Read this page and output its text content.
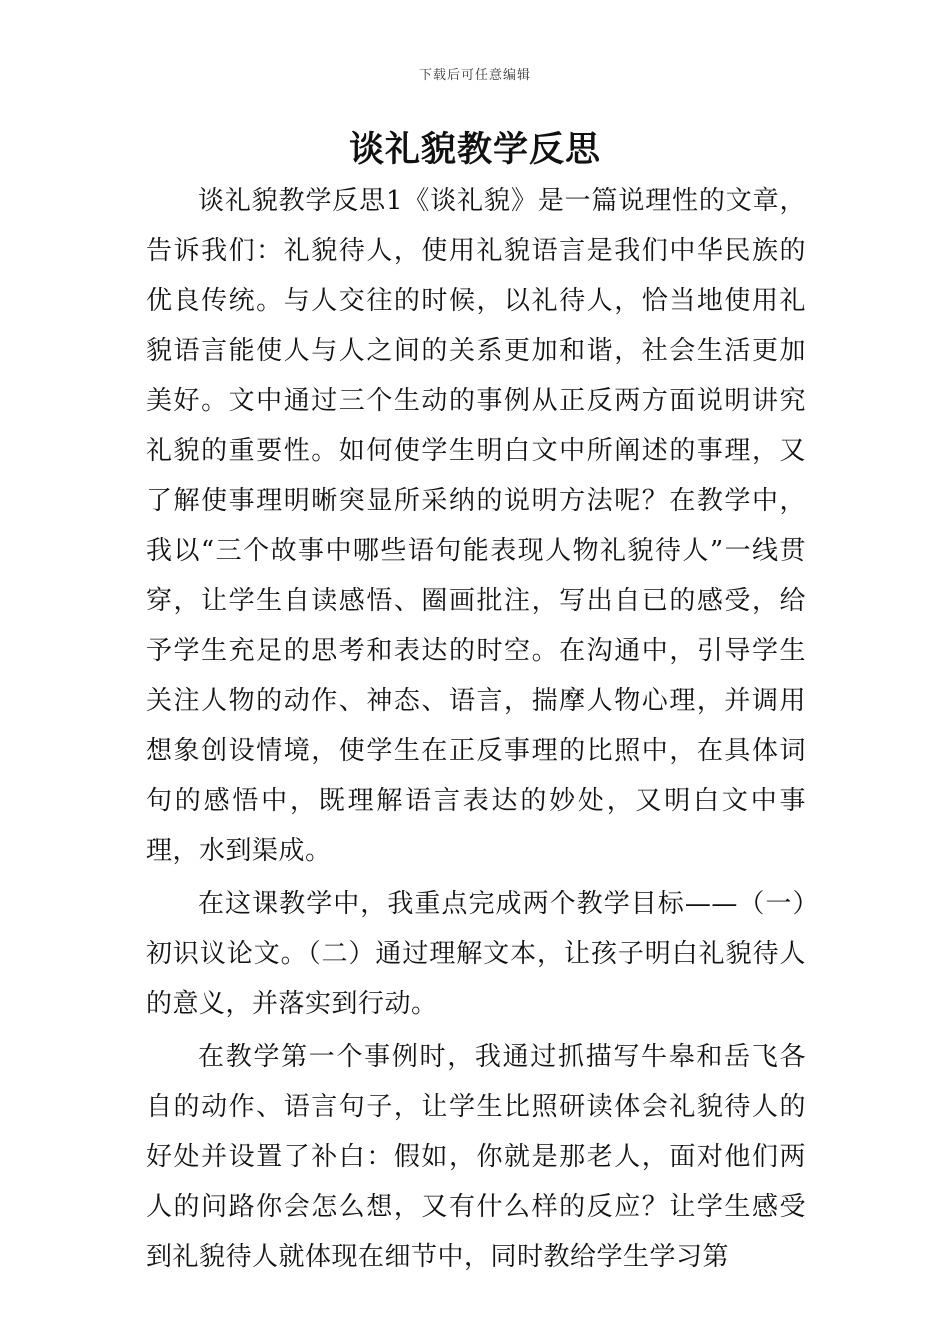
下载后可任意编辑
谈礼貌教学反思

谈礼貌教学反思1《谈礼貌》是一篇说理性的文章，告诉我们：礼貌待人，使用礼貌语言是我们中华民族的优良传统。与人交往的时候，以礼待人，恰当地使用礼貌语言能使人与人之间的关系更加和谐，社会生活更加美好。文中通过三个生动的事例从正反两方面说明讲究礼貌的重要性。如何使学生明白文中所阐述的事理，又了解使事理明晰突显所采纳的说明方法呢？在教学中，我以“三个故事中哪些语句能表现人物礼貌待人”一线贯穿，让学生自读感悟、圈画批注，写出自已的感受，给予学生充足的思考和表达的时空。在沟通中，引导学生关注人物的动作、神态、语言，揣摩人物心理，并调用想象创设情境，使学生在正反事理的比照中，在具体词句的感悟中，既理解语言表达的妙处，又明白文中事理，水到渠成。

在这课教学中，我重点完成两个教学目标——（一）初识议论文。（二）通过理解文本，让孩子明白礼貌待人的意义，并落实到行动。

在教学第一个事例时，我通过抓描写牛皋和岳飞各自的动作、语言句子，让学生比照研读体会礼貌待人的好处并设置了补白：假如，你就是那老人，面对他们两人的问路你会怎么想，又有什么样的反应？让学生感受到礼貌待人就体现在细节中，同时教给学生学习第
